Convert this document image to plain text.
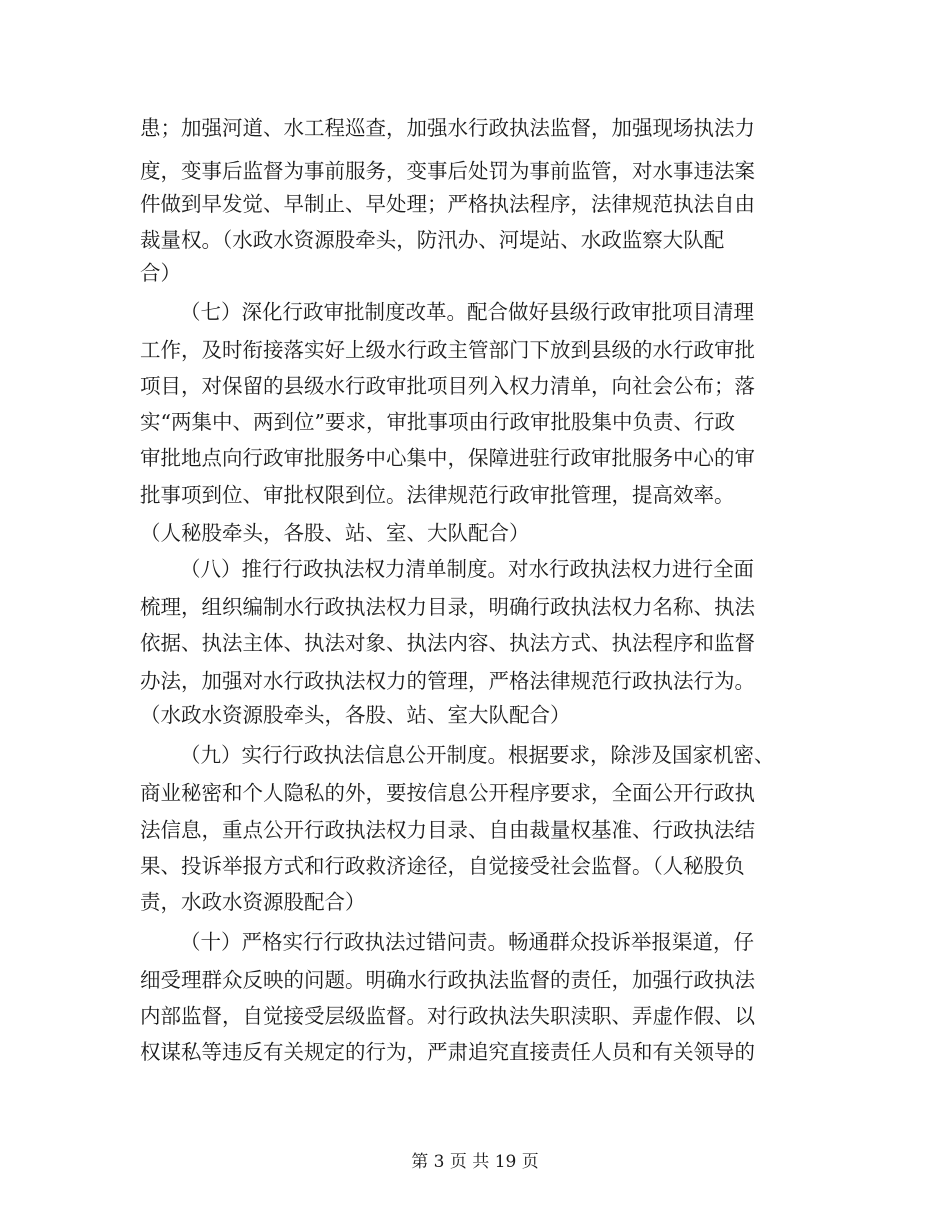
患；加强河道、水工程巡查，加强水行政执法监督，加强现场执法力
度，变事后监督为事前服务，变事后处罚为事前监管，对水事违法案
件做到早发觉、早制止、早处理；严格执法程序，法律规范执法自由
裁量权。（水政水资源股牵头，防汛办、河堤站、水政监察大队配
合）
（七）深化行政审批制度改革。配合做好县级行政审批项目清理
工作，及时衔接落实好上级水行政主管部门下放到县级的水行政审批
项目，对保留的县级水行政审批项目列入权力清单，向社会公布；落
实“两集中、两到位”要求，审批事项由行政审批股集中负责、行政
审批地点向行政审批服务中心集中，保障进驻行政审批服务中心的审
批事项到位、审批权限到位。法律规范行政审批管理，提高效率。
（人秘股牵头，各股、站、室、大队配合）
（八）推行行政执法权力清单制度。对水行政执法权力进行全面
梳理，组织编制水行政执法权力目录，明确行政执法权力名称、执法
依据、执法主体、执法对象、执法内容、执法方式、执法程序和监督
办法，加强对水行政执法权力的管理，严格法律规范行政执法行为。
（水政水资源股牵头，各股、站、室大队配合）
（九）实行行政执法信息公开制度。根据要求，除涉及国家机密、
商业秘密和个人隐私的外，要按信息公开程序要求，全面公开行政执
法信息，重点公开行政执法权力目录、自由裁量权基准、行政执法结
果、投诉举报方式和行政救济途径，自觉接受社会监督。（人秘股负
责，水政水资源股配合）
（十）严格实行行政执法过错问责。畅通群众投诉举报渠道，仔
细受理群众反映的问题。明确水行政执法监督的责任，加强行政执法
内部监督，自觉接受层级监督。对行政执法失职渎职、弄虚作假、以
权谋私等违反有关规定的行为，严肃追究直接责任人员和有关领导的
第 3 页 共 19 页
